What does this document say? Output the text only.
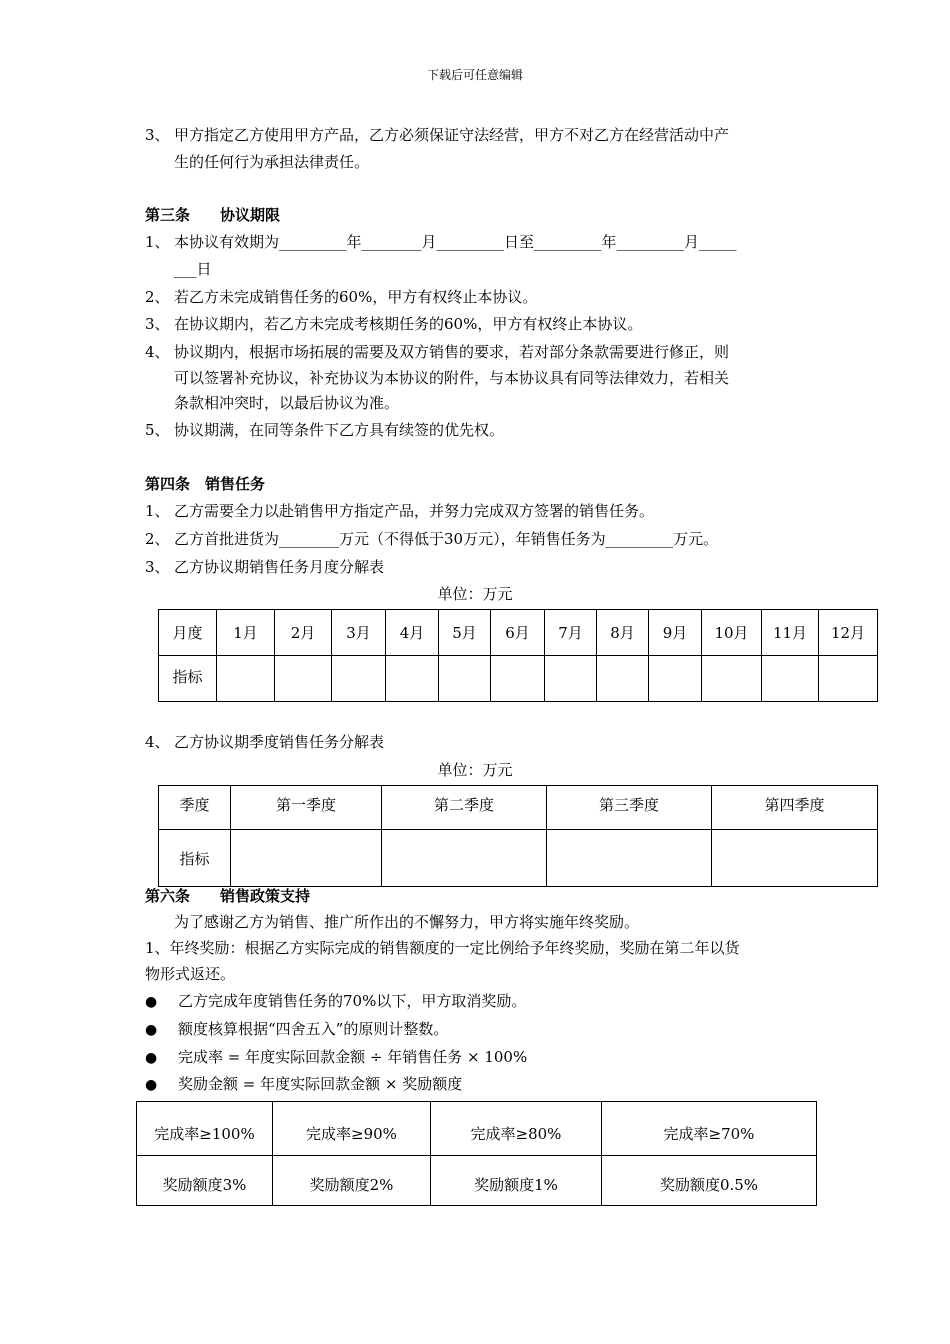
下载后可任意编辑
3、 甲方指定乙方使用甲方产品，乙方必须保证守法经营，甲方不对乙方在经营活动中产
生的任何行为承担法律责任。
第三条　　协议期限
1、 本协议有效期为_________年________月_________日至_________年_________月_____
___日
2、 若乙方未完成销售任务的60%，甲方有权终止本协议。
3、 在协议期内，若乙方未完成考核期任务的60%，甲方有权终止本协议。
4、 协议期内，根据市场拓展的需要及双方销售的要求，若对部分条款需要进行修正，则
可以签署补充协议，补充协议为本协议的附件，与本协议具有同等法律效力，若相关
条款相冲突时，以最后协议为准。
5、 协议期满，在同等条件下乙方具有续签的优先权。
第四条　销售任务
1、 乙方需要全力以赴销售甲方指定产品，并努力完成双方签署的销售任务。
2、 乙方首批进货为________万元（不得低于30万元），年销售任务为_________万元。
3、 乙方协议期销售任务月度分解表
单位：万元
月度	1月	2月	3月	4月	5月	6月	7月	8月	9月	10月	11月	12月
指标												
4、 乙方协议期季度销售任务分解表
单位：万元
季度	第一季度	第二季度	第三季度	第四季度
指标				
第六条　　销售政策支持
为了感谢乙方为销售、推广所作出的不懈努力，甲方将实施年终奖励。
1、年终奖励：根据乙方实际完成的销售额度的一定比例给予年终奖励，奖励在第二年以货
物形式返还。
● 乙方完成年度销售任务的70%以下，甲方取消奖励。
● 额度核算根据“四舍五入”的原则计整数。
● 完成率 = 年度实际回款金额 ÷ 年销售任务 × 100%
● 奖励金额 = 年度实际回款金额 × 奖励额度
完成率≥100%	完成率≥90%	完成率≥80%	完成率≥70%
奖励额度3%	奖励额度2%	奖励额度1%	奖励额度0.5%
